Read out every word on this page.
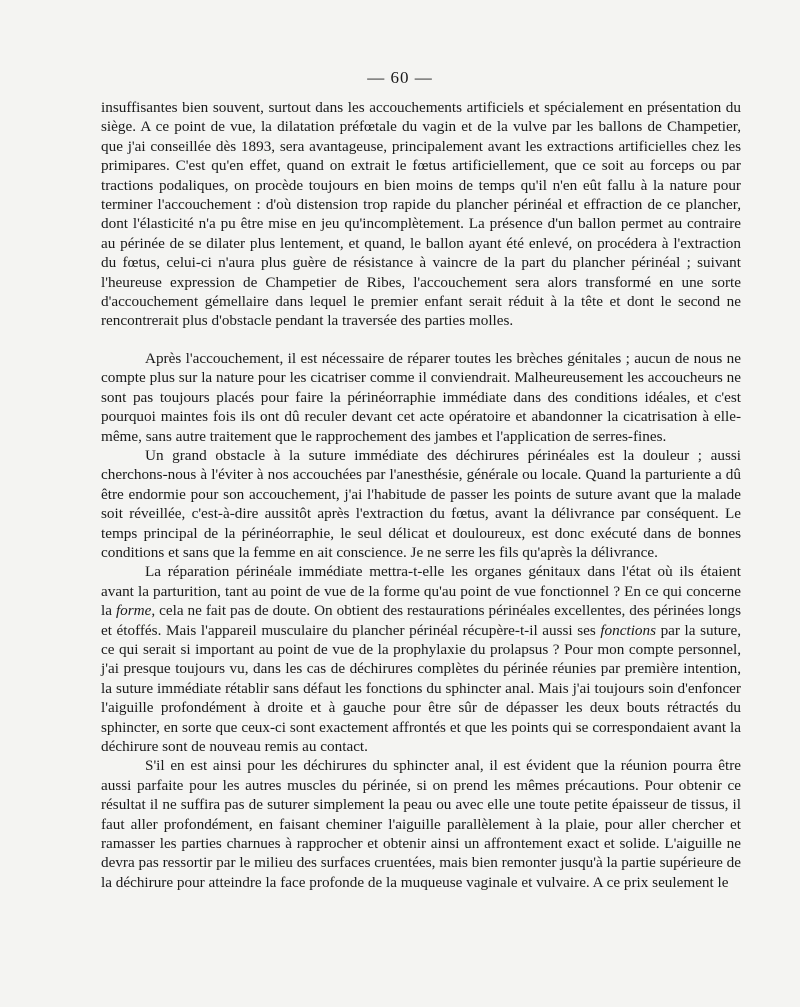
— 60 —

insuffisantes bien souvent, surtout dans les accouchements artificiels et spécialement en présentation du siège. A ce point de vue, la dilatation préfœtale du vagin et de la vulve par les ballons de Champetier, que j'ai conseillée dès 1893, sera avantageuse, principalement avant les extractions artificielles chez les primipares. C'est qu'en effet, quand on extrait le fœtus artificiellement, que ce soit au forceps ou par tractions podaliques, on procède toujours en bien moins de temps qu'il n'en eût fallu à la nature pour terminer l'accouchement : d'où distension trop rapide du plancher périnéal et effraction de ce plancher, dont l'élasticité n'a pu être mise en jeu qu'incomplètement. La présence d'un ballon permet au contraire au périnée de se dilater plus lentement, et quand, le ballon ayant été enlevé, on procédera à l'extraction du fœtus, celui-ci n'aura plus guère de résistance à vaincre de la part du plancher périnéal ; suivant l'heureuse expression de Champetier de Ribes, l'accouchement sera alors transformé en une sorte d'accouchement gémellaire dans lequel le premier enfant serait réduit à la tête et dont le second ne rencontrerait plus d'obstacle pendant la traversée des parties molles.

Après l'accouchement, il est nécessaire de réparer toutes les brèches génitales ; aucun de nous ne compte plus sur la nature pour les cicatriser comme il conviendrait. Malheureusement les accoucheurs ne sont pas toujours placés pour faire la périnéorraphie immédiate dans des conditions idéales, et c'est pourquoi maintes fois ils ont dû reculer devant cet acte opératoire et abandonner la cicatrisation à elle-même, sans autre traitement que le rapprochement des jambes et l'application de serres-fines.

Un grand obstacle à la suture immédiate des déchirures périnéales est la douleur ; aussi cherchons-nous à l'éviter à nos accouchées par l'anesthésie, générale ou locale. Quand la parturiente a dû être endormie pour son accouchement, j'ai l'habitude de passer les points de suture avant que la malade soit réveillée, c'est-à-dire aussitôt après l'extraction du fœtus, avant la délivrance par conséquent. Le temps principal de la périnéorraphie, le seul délicat et douloureux, est donc exécuté dans de bonnes conditions et sans que la femme en ait conscience. Je ne serre les fils qu'après la délivrance.

La réparation périnéale immédiate mettra-t-elle les organes génitaux dans l'état où ils étaient avant la parturition, tant au point de vue de la forme qu'au point de vue fonctionnel ? En ce qui concerne la forme, cela ne fait pas de doute. On obtient des restaurations périnéales excellentes, des périnées longs et étoffés. Mais l'appareil musculaire du plancher périnéal récupère-t-il aussi ses fonctions par la suture, ce qui serait si important au point de vue de la prophylaxie du prolapsus ? Pour mon compte personnel, j'ai presque toujours vu, dans les cas de déchirures complètes du périnée réunies par première intention, la suture immédiate rétablir sans défaut les fonctions du sphincter anal. Mais j'ai toujours soin d'enfoncer l'aiguille profondément à droite et à gauche pour être sûr de dépasser les deux bouts rétractés du sphincter, en sorte que ceux-ci sont exactement affrontés et que les points qui se correspondaient avant la déchirure sont de nouveau remis au contact.

S'il en est ainsi pour les déchirures du sphincter anal, il est évident que la réunion pourra être aussi parfaite pour les autres muscles du périnée, si on prend les mêmes précautions. Pour obtenir ce résultat il ne suffira pas de suturer simplement la peau ou avec elle une toute petite épaisseur de tissus, il faut aller profondément, en faisant cheminer l'aiguille parallèlement à la plaie, pour aller chercher et ramasser les parties charnues à rapprocher et obtenir ainsi un affrontement exact et solide. L'aiguille ne devra pas ressortir par le milieu des surfaces cruentées, mais bien remonter jusqu'à la partie supérieure de la déchirure pour atteindre la face profonde de la muqueuse vaginale et vulvaire. A ce prix seulement le
